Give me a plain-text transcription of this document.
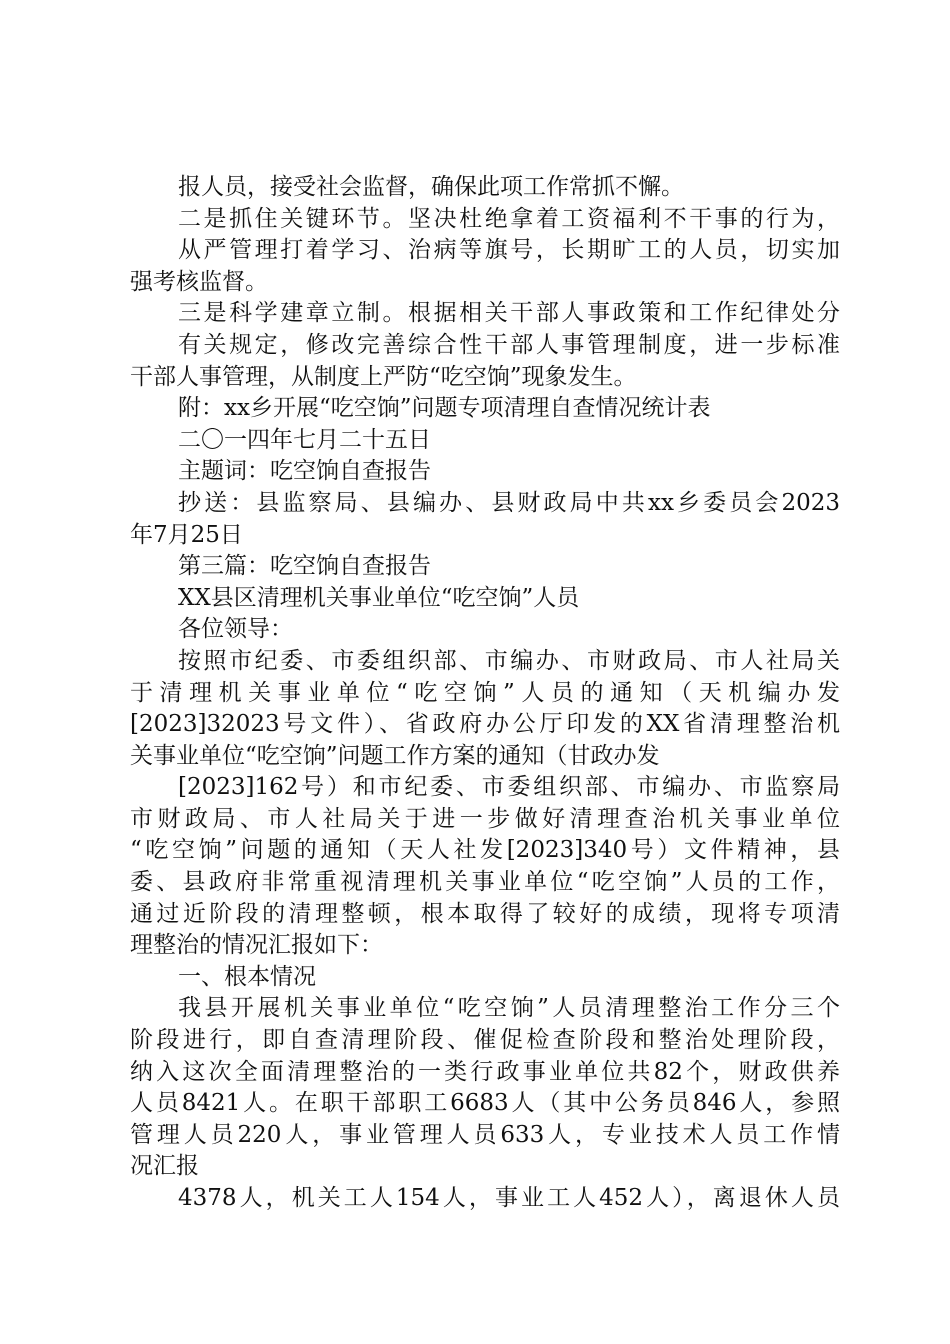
报人员，接受社会监督，确保此项工作常抓不懈。
二是抓住关键环节。坚决杜绝拿着工资福利不干事的行为，
从严管理打着学习、治病等旗号，长期旷工的人员，切实加
强考核监督。
三是科学建章立制。根据相关干部人事政策和工作纪律处分
有关规定，修改完善综合性干部人事管理制度，进一步标准
干部人事管理，从制度上严防“吃空饷”现象发生。
附：xx乡开展“吃空饷”问题专项清理自查情况统计表
二〇一四年七月二十五日
主题词：吃空饷自查报告
抄送：县监察局、县编办、县财政局中共xx乡委员会2023
年7月25日
第三篇：吃空饷自查报告
XX县区清理机关事业单位“吃空饷”人员
各位领导：
按照市纪委、市委组织部、市编办、市财政局、市人社局关
于清理机关事业单位“吃空饷”人员的通知（天机编办发
[2023]32023号文件）、省政府办公厅印发的XX省清理整治机
关事业单位“吃空饷”问题工作方案的通知（甘政办发
[2023]162号）和市纪委、市委组织部、市编办、市监察局
市财政局、市人社局关于进一步做好清理查治机关事业单位
“吃空饷”问题的通知（天人社发[2023]340号）文件精神，县
委、县政府非常重视清理机关事业单位“吃空饷”人员的工作，
通过近阶段的清理整顿，根本取得了较好的成绩，现将专项清
理整治的情况汇报如下：
一、根本情况
我县开展机关事业单位“吃空饷”人员清理整治工作分三个
阶段进行，即自查清理阶段、催促检查阶段和整治处理阶段，
纳入这次全面清理整治的一类行政事业单位共82个，财政供养
人员8421人。在职干部职工6683人（其中公务员846人，参照
管理人员220人，事业管理人员633人，专业技术人员工作情
况汇报
4378人，机关工人154人，事业工人452人），离退休人员
